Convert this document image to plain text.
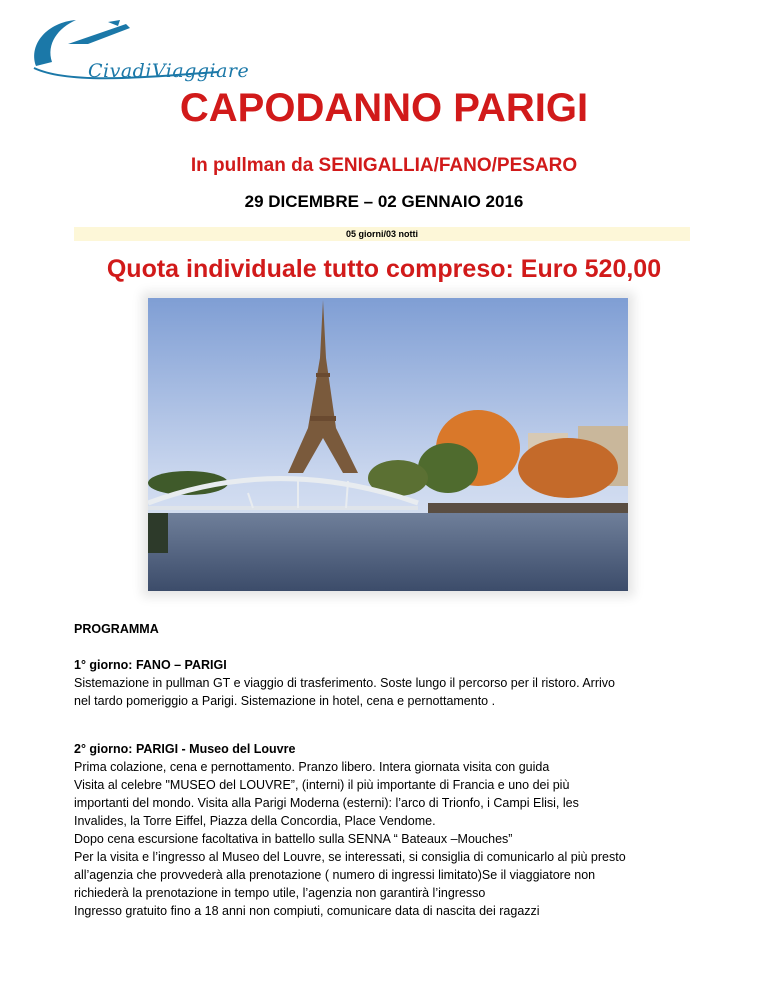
CivadiViaggiare
CAPODANNO PARIGI
In pullman da SENIGALLIA/FANO/PESARO
29 DICEMBRE – 02 GENNAIO 2016
05 giorni/03 notti
Quota individuale tutto compreso: Euro 520,00

PROGRAMMA

1° giorno: FANO – PARIGI

Sistemazione in pullman GT e viaggio di trasferimento. Soste lungo il percorso per il ristoro. Arrivo

nel tardo pomeriggio a Parigi. Sistemazione in hotel, cena e pernottamento .

2° giorno: PARIGI - Museo del Louvre

Prima colazione, cena e pernottamento. Pranzo libero. Intera giornata visita con guida

Visita al celebre "MUSEO del LOUVRE”, (interni) il più importante di Francia e uno dei più

importanti del mondo. Visita alla Parigi Moderna (esterni): l’arco di Trionfo, i Campi Elisi, les

Invalides, la Torre Eiffel, Piazza della Concordia, Place Vendome.

Dopo cena escursione facoltativa in battello sulla SENNA “ Bateaux –Mouches”

Per la visita e l’ingresso al Museo del Louvre, se interessati, si consiglia di comunicarlo al più presto

all’agenzia che provvederà alla prenotazione ( numero di ingressi limitato)Se il viaggiatore non

richiederà la prenotazione in tempo utile, l’agenzia non garantirà l’ingresso

Ingresso gratuito fino a 18 anni non compiuti, comunicare data di nascita dei ragazzi
